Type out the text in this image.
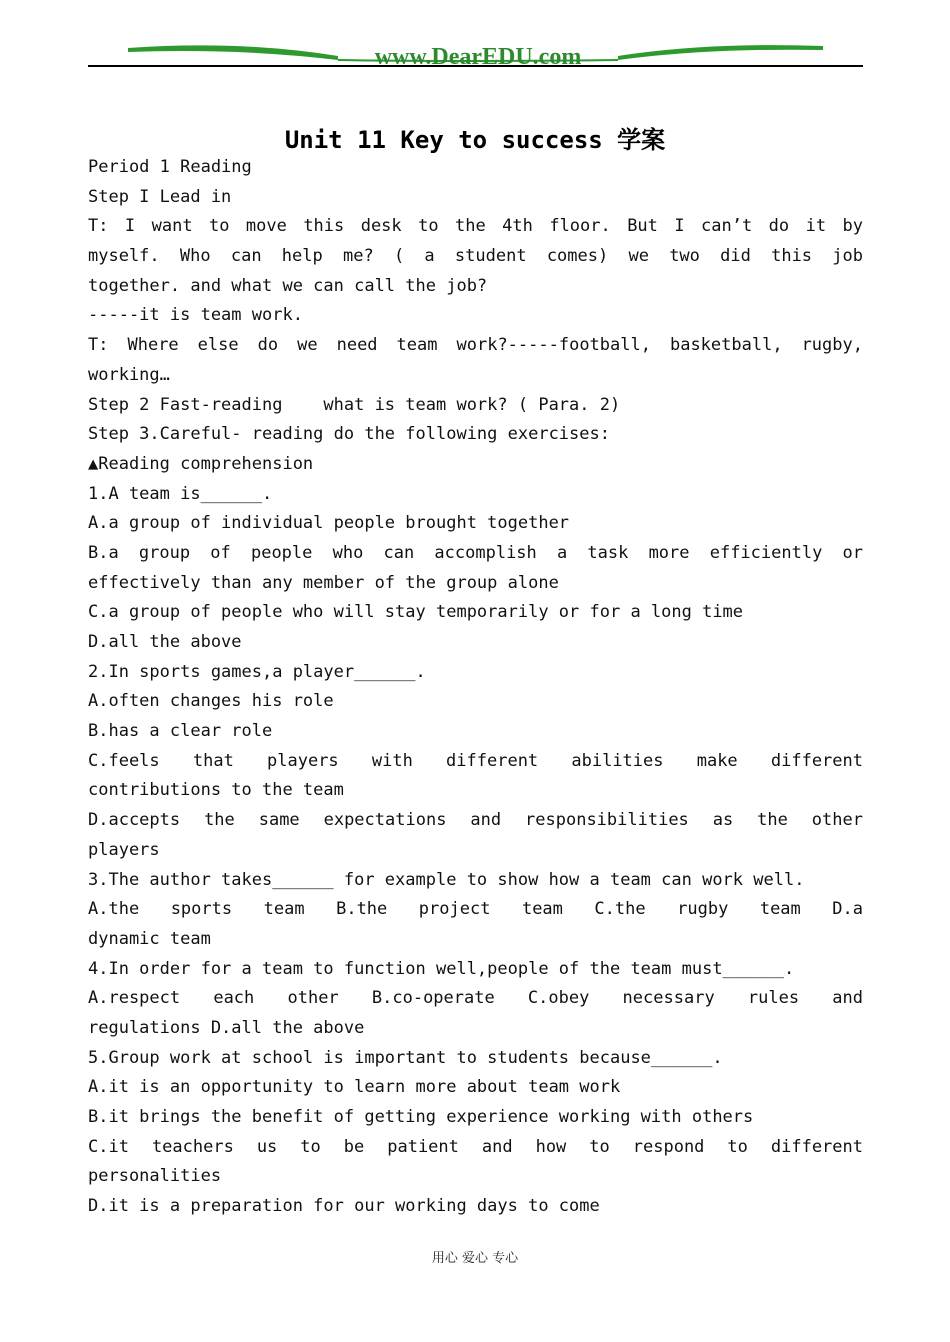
www.DearEDU.com
Unit 11 Key to success 学案
Period 1 Reading
Step I Lead in
T: I want to move this desk to the 4th floor. But I can’t do it by
myself. Who can help me? ( a student comes) we two did this job
together. and what we can call the job?
-----it is team work.
T: Where else do we need team work?-----football, basketball, rugby,
working…
Step 2 Fast-reading    what is team work? ( Para. 2)
Step 3.Careful- reading do the following exercises:
▲Reading comprehension
1.A team is______.
A.a group of individual people brought together
B.a group of people who can accomplish a task more efficiently or
effectively than any member of the group alone
C.a group of people who will stay temporarily or for a long time
D.all the above
2.In sports games,a player______.
A.often changes his role
B.has a clear role
C.feels that players with different abilities make different
contributions to the team
D.accepts the same expectations and responsibilities as the other
players
3.The author takes______ for example to show how a team can work well.
A.the sports team B.the project team C.the rugby team D.a
dynamic team
4.In order for a team to function well,people of the team must______.
A.respect each other B.co-operate C.obey necessary rules and
regulations D.all the above
5.Group work at school is important to students because______.
A.it is an opportunity to learn more about team work
B.it brings the benefit of getting experience working with others
C.it teachers us to be patient and how to respond to different
personalities
D.it is a preparation for our working days to come
用心 爱心 专心
